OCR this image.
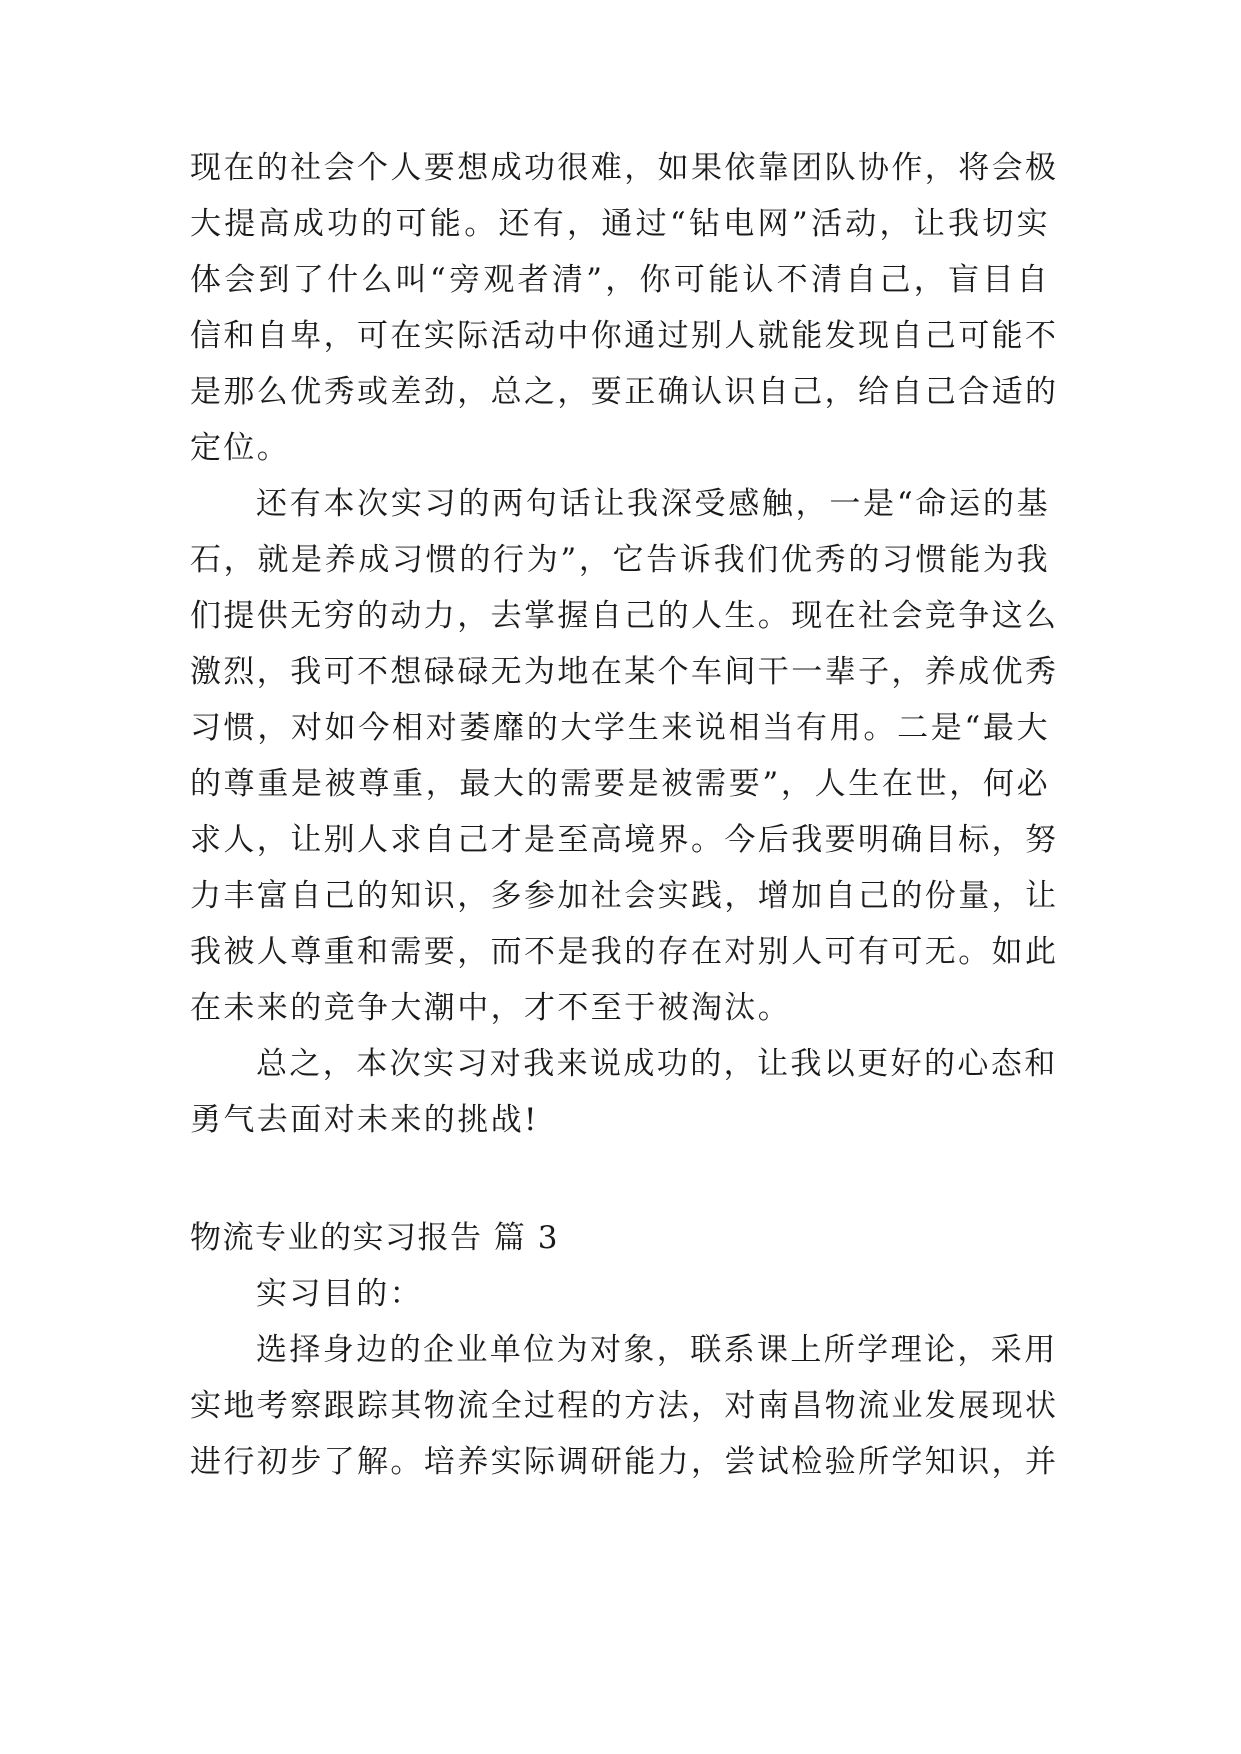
现在的社会个人要想成功很难，如果依靠团队协作，将会极
大提高成功的可能。还有，通过“钻电网”活动，让我切实
体会到了什么叫“旁观者清”，你可能认不清自己，盲目自
信和自卑，可在实际活动中你通过别人就能发现自己可能不
是那么优秀或差劲，总之，要正确认识自己，给自己合适的
定位。
还有本次实习的两句话让我深受感触，一是“命运的基
石，就是养成习惯的行为”，它告诉我们优秀的习惯能为我
们提供无穷的动力，去掌握自己的人生。现在社会竞争这么
激烈，我可不想碌碌无为地在某个车间干一辈子，养成优秀
习惯，对如今相对萎靡的大学生来说相当有用。二是“最大
的尊重是被尊重，最大的需要是被需要”，人生在世，何必
求人，让别人求自己才是至高境界。今后我要明确目标，努
力丰富自己的知识，多参加社会实践，增加自己的份量，让
我被人尊重和需要，而不是我的存在对别人可有可无。如此
在未来的竞争大潮中，才不至于被淘汰。
总之，本次实习对我来说成功的，让我以更好的心态和
勇气去面对未来的挑战!
物流专业的实习报告 篇 3
实习目的：
选择身边的企业单位为对象，联系课上所学理论，采用
实地考察跟踪其物流全过程的方法，对南昌物流业发展现状
进行初步了解。培养实际调研能力，尝试检验所学知识，并
